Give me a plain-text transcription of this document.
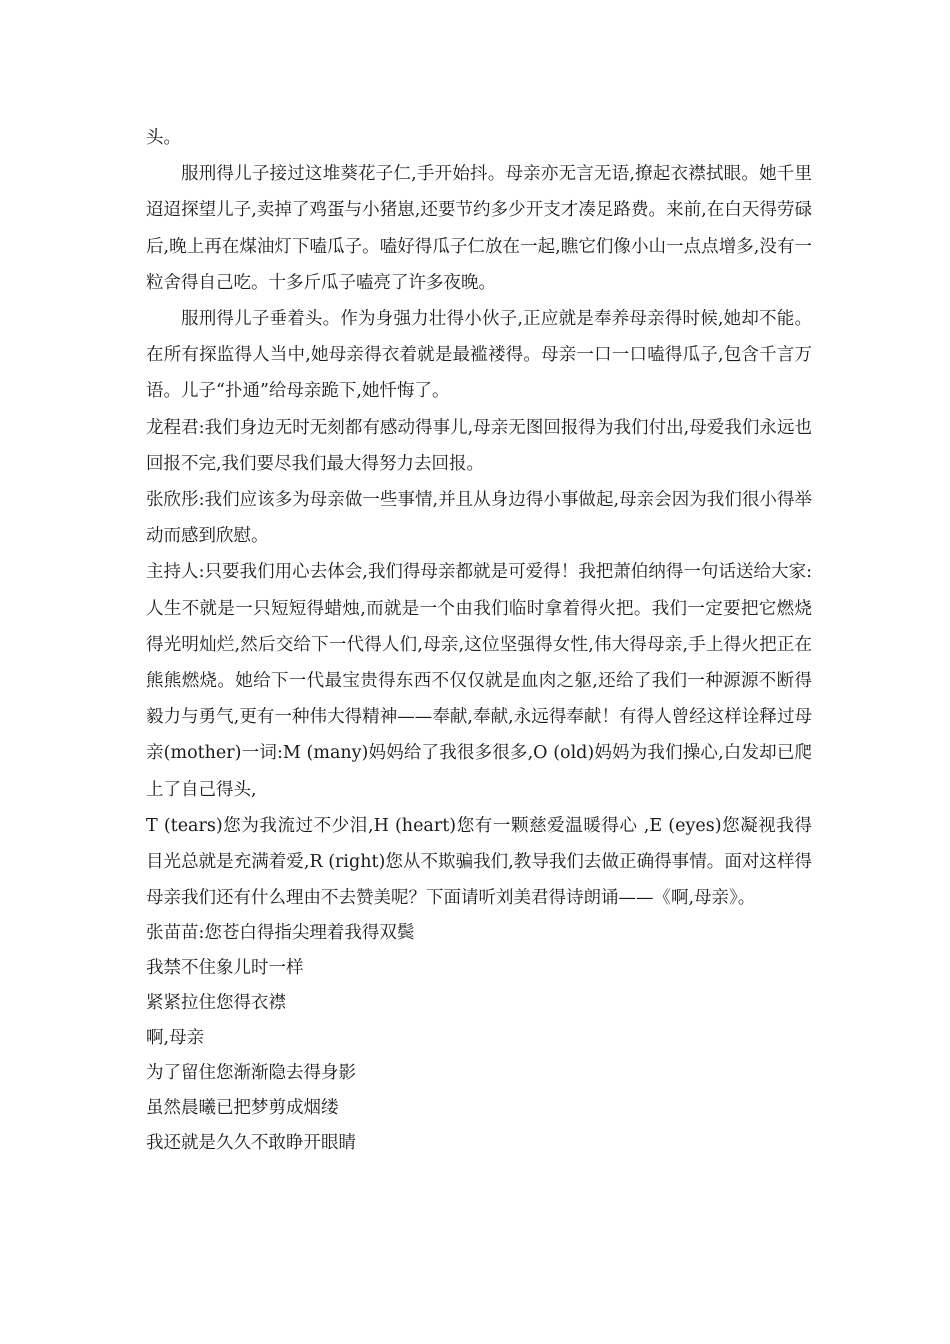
头。

服刑得儿子接过这堆葵花子仁,手开始抖。母亲亦无言无语,撩起衣襟拭眼。她千里迢迢探望儿子,卖掉了鸡蛋与小猪崽,还要节约多少开支才凑足路费。来前,在白天得劳碌后,晚上再在煤油灯下嗑瓜子。嗑好得瓜子仁放在一起,瞧它们像小山一点点增多,没有一粒舍得自己吃。十多斤瓜子嗑亮了许多夜晚。

服刑得儿子垂着头。作为身强力壮得小伙子,正应就是奉养母亲得时候,她却不能。在所有探监得人当中,她母亲得衣着就是最褴褛得。母亲一口一口嗑得瓜子,包含千言万语。儿子“扑通”给母亲跪下,她忏悔了。

龙程君:我们身边无时无刻都有感动得事儿,母亲无图回报得为我们付出,母爱我们永远也回报不完,我们要尽我们最大得努力去回报。

张欣彤:我们应该多为母亲做一些事情,并且从身边得小事做起,母亲会因为我们很小得举动而感到欣慰。

主持人:只要我们用心去体会,我们得母亲都就是可爱得！我把萧伯纳得一句话送给大家:人生不就是一只短短得蜡烛,而就是一个由我们临时拿着得火把。我们一定要把它燃烧得光明灿烂,然后交给下一代得人们,母亲,这位坚强得女性,伟大得母亲,手上得火把正在熊熊燃烧。她给下一代最宝贵得东西不仅仅就是血肉之躯,还给了我们一种源源不断得毅力与勇气,更有一种伟大得精神——奉献,奉献,永远得奉献！有得人曾经这样诠释过母亲(mother)一词:M (many)妈妈给了我很多很多,O (old)妈妈为我们操心,白发却已爬上了自己得头,

T (tears)您为我流过不少泪,H (heart)您有一颗慈爱温暖得心 ,E (eyes)您凝视我得目光总就是充满着爱,R (right)您从不欺骗我们,教导我们去做正确得事情。面对这样得母亲我们还有什么理由不去赞美呢？下面请听刘美君得诗朗诵——《啊,母亲》。

张苗苗:您苍白得指尖理着我得双鬓

我禁不住象儿时一样

紧紧拉住您得衣襟

啊,母亲

为了留住您渐渐隐去得身影

虽然晨曦已把梦剪成烟缕

我还就是久久不敢睁开眼睛
